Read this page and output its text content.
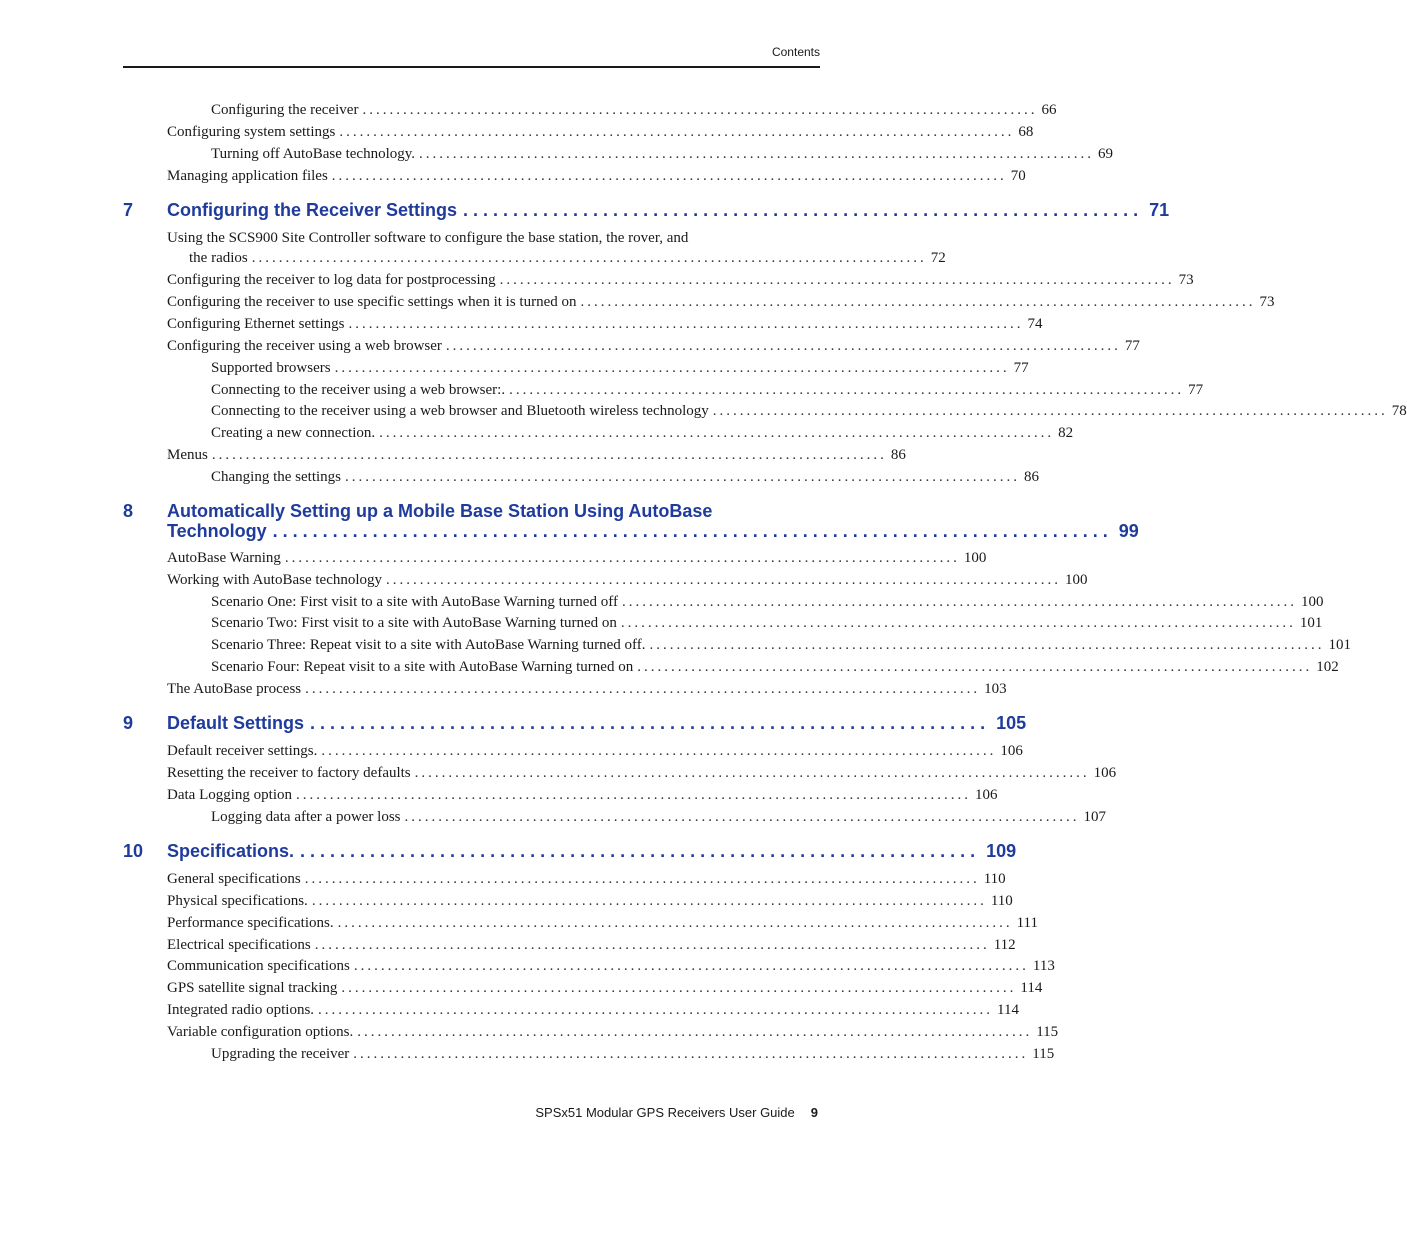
Contents
Configuring the receiver .................................................................................................... 66
Configuring system settings .................................................................................................... 68
Turning off AutoBase technology. .................................................................................................... 69
Managing application files .................................................................................................... 70
7 Configuring the Receiver Settings .................................................................... 71
Using the SCS900 Site Controller software to configure the base station, the rover, and
the radios .................................................................................................... 72
Configuring the receiver to log data for postprocessing .................................................................................................... 73
Configuring the receiver to use specific settings when it is turned on .................................................................................................... 73
Configuring Ethernet settings .................................................................................................... 74
Configuring the receiver using a web browser .................................................................................................... 77
Supported browsers .................................................................................................... 77
Connecting to the receiver using a web browser:. .................................................................................................... 77
Connecting to the receiver using a web browser and Bluetooth wireless technology .................................................................................................... 78
Creating a new connection. .................................................................................................... 82
Menus .................................................................................................... 86
Changing the settings .................................................................................................... 86
8 Automatically Setting up a Mobile Base Station Using AutoBase
Technology .................................................................................... 99
AutoBase Warning .................................................................................................... 100
Working with AutoBase technology .................................................................................................... 100
Scenario One: First visit to a site with AutoBase Warning turned off .................................................................................................... 100
Scenario Two: First visit to a site with AutoBase Warning turned on .................................................................................................... 101
Scenario Three: Repeat visit to a site with AutoBase Warning turned off. .................................................................................................... 101
Scenario Four: Repeat visit to a site with AutoBase Warning turned on .................................................................................................... 102
The AutoBase process .................................................................................................... 103
9 Default Settings .................................................................... 105
Default receiver settings. .................................................................................................... 106
Resetting the receiver to factory defaults .................................................................................................... 106
Data Logging option .................................................................................................... 106
Logging data after a power loss .................................................................................................... 107
10 Specifications. .................................................................... 109
General specifications .................................................................................................... 110
Physical specifications. .................................................................................................... 110
Performance specifications. .................................................................................................... 111
Electrical specifications .................................................................................................... 112
Communication specifications .................................................................................................... 113
GPS satellite signal tracking .................................................................................................... 114
Integrated radio options. .................................................................................................... 114
Variable configuration options. .................................................................................................... 115
Upgrading the receiver .................................................................................................... 115
SPSx51 Modular GPS Receivers User Guide 9
